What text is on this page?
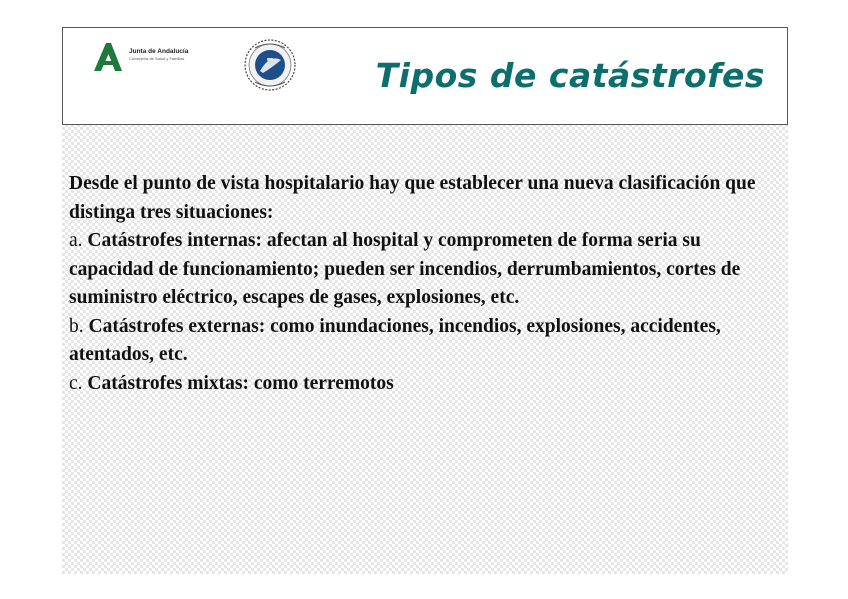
Junta de Andalucía
Consejería de Salud y Familias	Tipos de catástrofes

Desde el punto de vista hospitalario hay que establecer una nueva clasificación que distinga tres situaciones:

a. Catástrofes internas: afectan al hospital y comprometen de forma seria su capacidad de funcionamiento; pueden ser incendios, derrumbamientos, cortes de suministro eléctrico, escapes de gases, explosiones, etc.

b. Catástrofes externas: como inundaciones, incendios, explosiones, accidentes, atentados, etc.

c. Catástrofes mixtas: como terremotos
